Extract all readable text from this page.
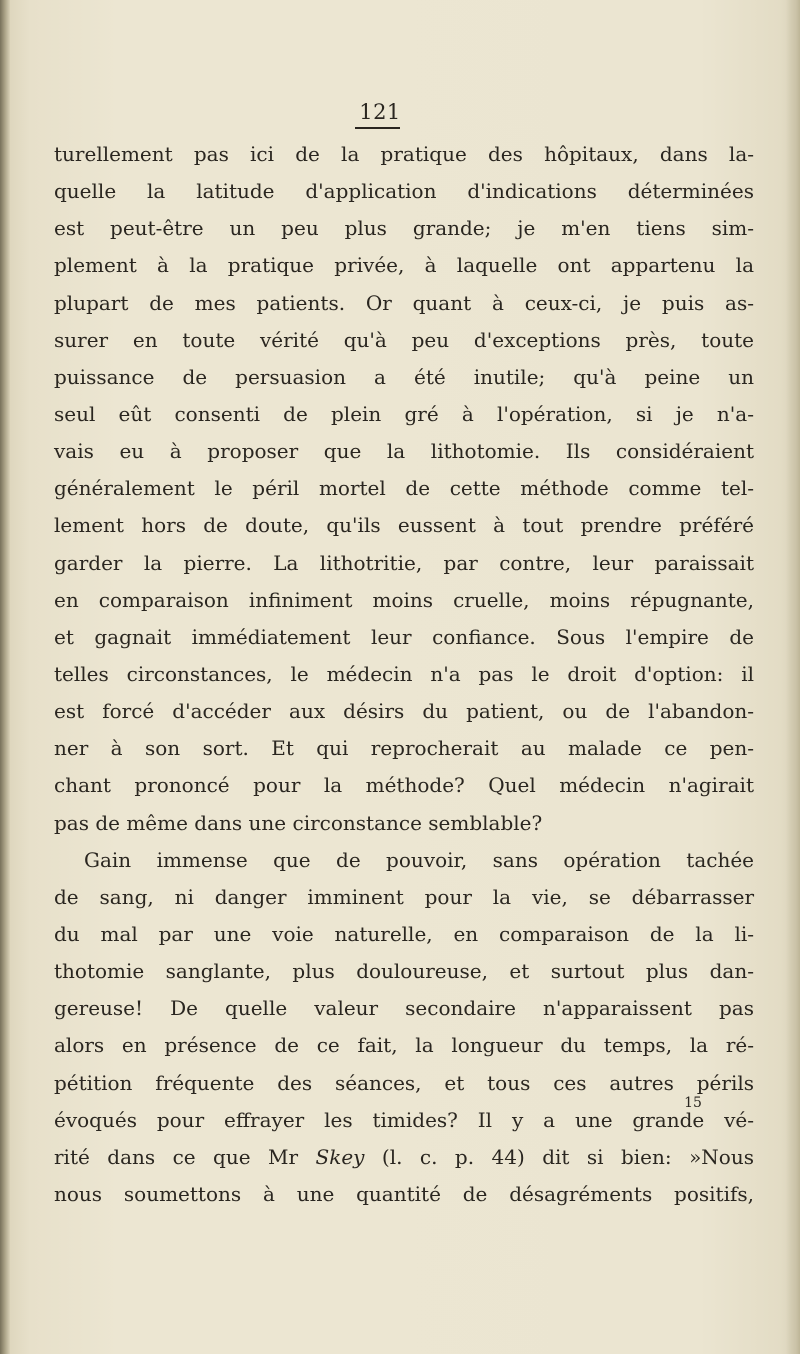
121
turellement pas ici de la pratique des hôpitaux, dans la-
quelle la latitude d'application d'indications déterminées
est peut-être un peu plus grande; je m'en tiens sim-
plement à la pratique privée, à laquelle ont appartenu la
plupart de mes patients. Or quant à ceux-ci, je puis as-
surer en toute vérité qu'à peu d'exceptions près, toute
puissance de persuasion a été inutile; qu'à peine un
seul eût consenti de plein gré à l'opération, si je n'a-
vais eu à proposer que la lithotomie. Ils considéraient
généralement le péril mortel de cette méthode comme tel-
lement hors de doute, qu'ils eussent à tout prendre préféré
garder la pierre. La lithotritie, par contre, leur paraissait
en comparaison infiniment moins cruelle, moins répugnante,
et gagnait immédiatement leur confiance. Sous l'empire de
telles circonstances, le médecin n'a pas le droit d'option: il
est forcé d'accéder aux désirs du patient, ou de l'abandon-
ner à son sort. Et qui reprocherait au malade ce pen-
chant prononcé pour la méthode? Quel médecin n'agirait
pas de même dans une circonstance semblable?
Gain immense que de pouvoir, sans opération tachée
de sang, ni danger imminent pour la vie, se débarrasser
du mal par une voie naturelle, en comparaison de la li-
thotomie sanglante, plus douloureuse, et surtout plus dan-
gereuse! De quelle valeur secondaire n'apparaissent pas
alors en présence de ce fait, la longueur du temps, la ré-
pétition fréquente des séances, et tous ces autres périls
évoqués pour effrayer les timides? Il y a une grande vé-
rité dans ce que Mr Skey (l. c. p. 44) dit si bien: »Nous
nous soumettons à une quantité de désagréments positifs,
15
